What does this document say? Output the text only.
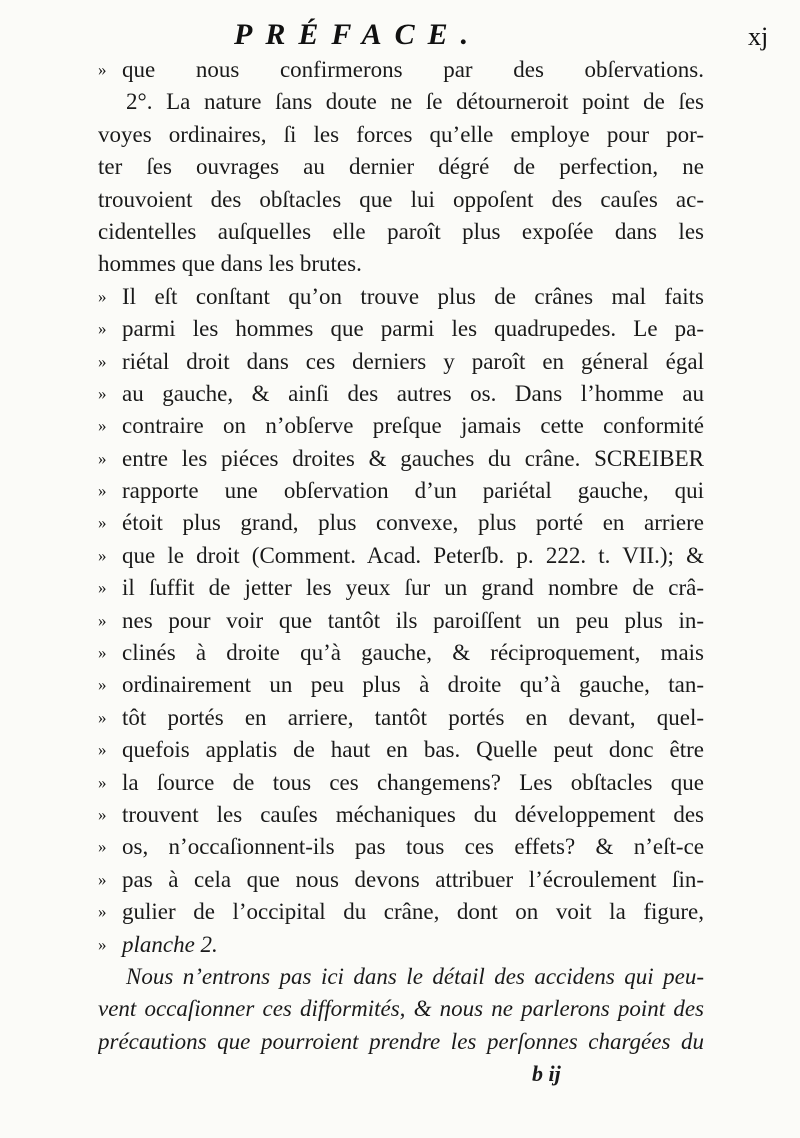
PRÉFACE.	xj
» que nous confirmerons par des obſervations.
2°. La nature ſans doute ne ſe détourneroit point de ſes
voyes ordinaires, ſi les forces qu’elle employe pour por-
ter ſes ouvrages au dernier dégré de perfection, ne
trouvoient des obſtacles que lui oppoſent des cauſes ac-
cidentelles auſquelles elle paroît plus expoſée dans les
hommes que dans les brutes.
» Il eſt conſtant qu’on trouve plus de crânes mal faits
» parmi les hommes que parmi les quadrupedes. Le pa-
» riétal droit dans ces derniers y paroît en géneral égal
» au gauche, & ainſi des autres os. Dans l’homme au
» contraire on n’obſerve preſque jamais cette conformité
» entre les piéces droites & gauches du crâne. SCREIBER
» rapporte une obſervation d’un pariétal gauche, qui
» étoit plus grand, plus convexe, plus porté en arriere
» que le droit (Comment. Acad. Peterſb. p. 222. t. VII.); &
» il ſuffit de jetter les yeux ſur un grand nombre de crâ-
» nes pour voir que tantôt ils paroiſſent un peu plus in-
» clinés à droite qu’à gauche, & réciproquement, mais
» ordinairement un peu plus à droite qu’à gauche, tan-
» tôt portés en arriere, tantôt portés en devant, quel-
» quefois applatis de haut en bas. Quelle peut donc être
» la ſource de tous ces changemens? Les obſtacles que
» trouvent les cauſes méchaniques du développement des
» os, n’occaſionnent-ils pas tous ces effets? & n’eſt-ce
» pas à cela que nous devons attribuer l’écroulement ſin-
» gulier de l’occipital du crâne, dont on voit la figure,
» planche 2.
Nous n’entrons pas ici dans le détail des accidens qui peu-
vent occaſionner ces difformités, & nous ne parlerons point des
précautions que pourroient prendre les perſonnes chargées du
b ij
